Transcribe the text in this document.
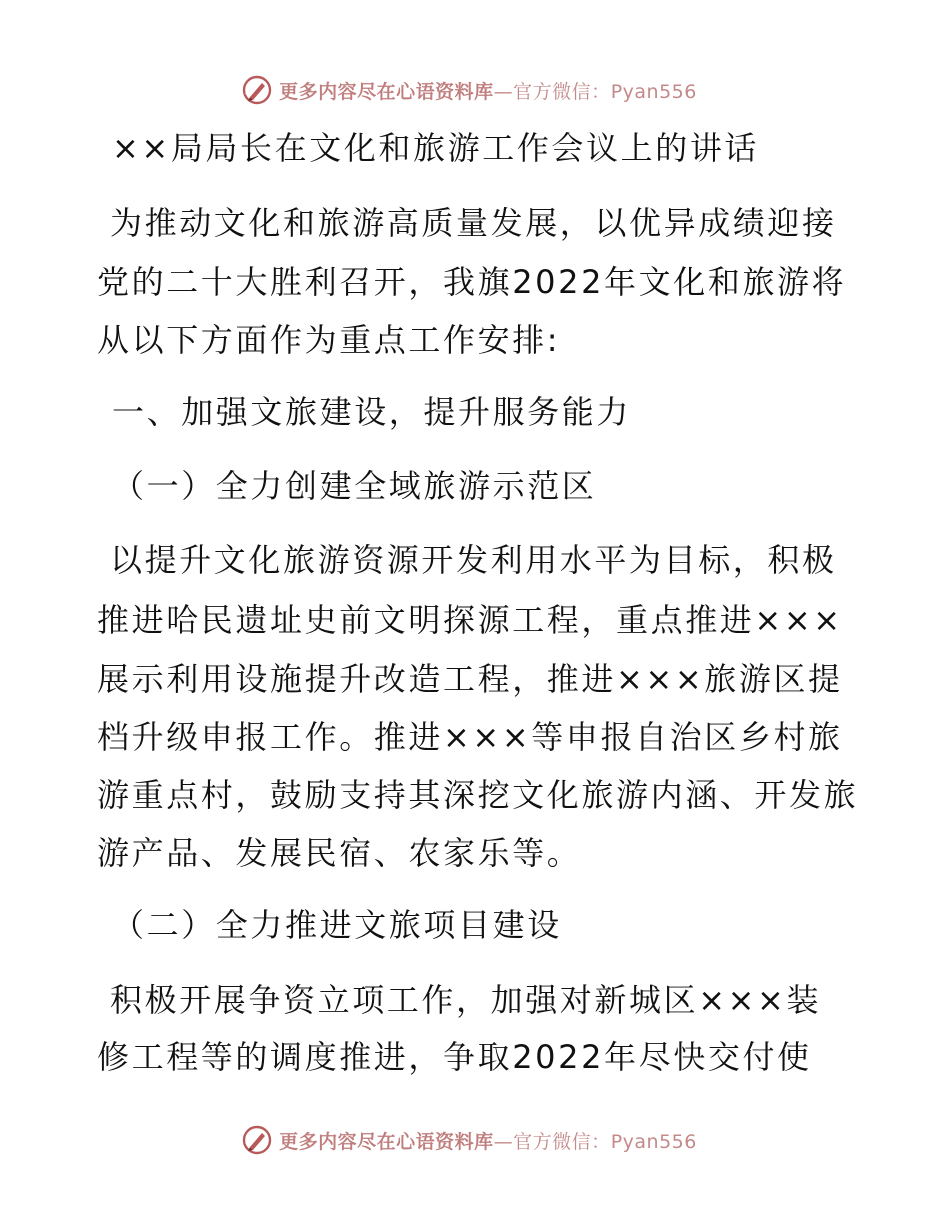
更多内容尽在心语资料库—官方微信：Pyan556
××局局长在文化和旅游工作会议上的讲话
为推动文化和旅游高质量发展，以优异成绩迎接
党的二十大胜利召开，我旗2022年文化和旅游将
从以下方面作为重点工作安排:
一、加强文旅建设，提升服务能力
（一）全力创建全域旅游示范区
以提升文化旅游资源开发利用水平为目标，积极
推进哈民遗址史前文明探源工程，重点推进×××
展示利用设施提升改造工程，推进×××旅游区提
档升级申报工作。推进×××等申报自治区乡村旅
游重点村，鼓励支持其深挖文化旅游内涵、开发旅
游产品、发展民宿、农家乐等。
（二）全力推进文旅项目建设
积极开展争资立项工作，加强对新城区×××装
修工程等的调度推进，争取2022年尽快交付使
更多内容尽在心语资料库—官方微信：Pyan556
